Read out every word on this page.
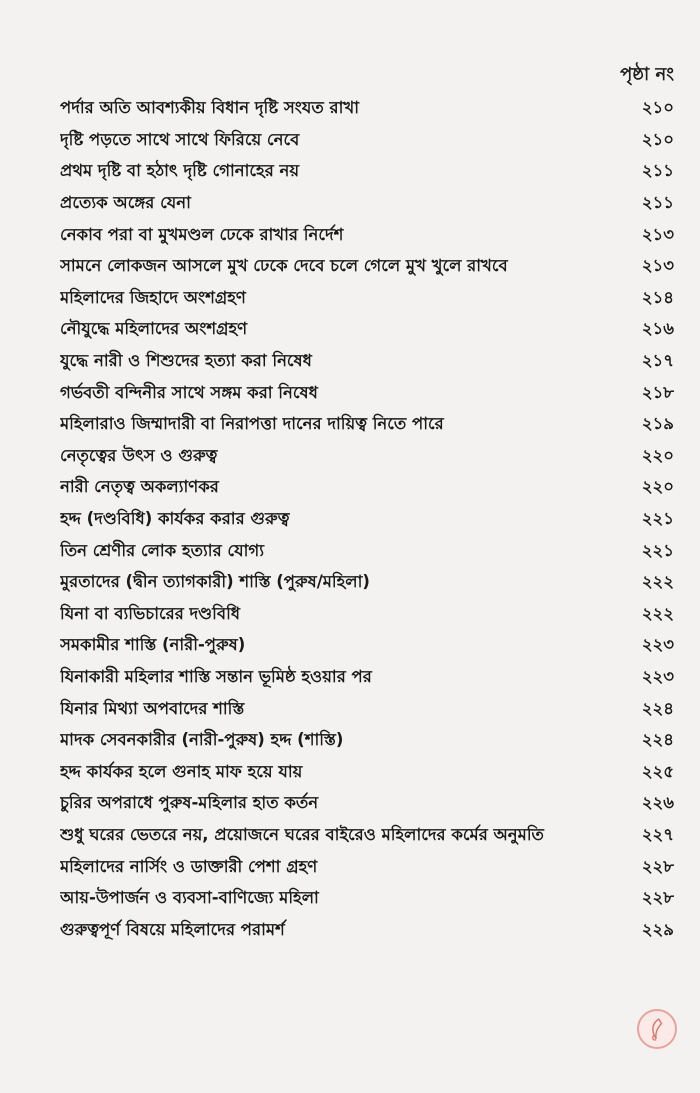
পৃষ্ঠা নং
পর্দার অতি আবশ্যকীয় বিধান দৃষ্টি সংযত রাখা	২১০
দৃষ্টি পড়তে সাথে সাথে ফিরিয়ে নেবে	২১০
প্রথম দৃষ্টি বা হঠাৎ দৃষ্টি গোনাহের নয়	২১১
প্রত্যেক অঙ্গের যেনা	২১১
নেকাব পরা বা মুখমণ্ডল ঢেকে রাখার নির্দেশ	২১৩
সামনে লোকজন আসলে মুখ ঢেকে দেবে চলে গেলে মুখ খুলে রাখবে	২১৩
মহিলাদের জিহাদে অংশগ্রহণ	২১৪
নৌযুদ্ধে মহিলাদের অংশগ্রহণ	২১৬
যুদ্ধে নারী ও শিশুদের হত্যা করা নিষেধ	২১৭
গর্ভবতী বন্দিনীর সাথে সঙ্গম করা নিষেধ	২১৮
মহিলারাও জিম্মাদারী বা নিরাপত্তা দানের দায়িত্ব নিতে পারে	২১৯
নেতৃত্বের উৎস ও গুরুত্ব	২২০
নারী নেতৃত্ব অকল্যাণকর	২২০
হদ্দ (দণ্ডবিধি) কার্যকর করার গুরুত্ব	২২১
তিন শ্রেণীর লোক হত্যার যোগ্য	২২১
মুরতাদের (দ্বীন ত্যাগকারী) শাস্তি (পুরুষ/মহিলা)	২২২
যিনা বা ব্যভিচারের দণ্ডবিধি	২২২
সমকামীর শাস্তি (নারী-পুরুষ)	২২৩
যিনাকারী মহিলার শাস্তি সন্তান ভূমিষ্ঠ হওয়ার পর	২২৩
যিনার মিথ্যা অপবাদের শাস্তি	২২৪
মাদক সেবনকারীর (নারী-পুরুষ) হদ্দ (শাস্তি)	২২৪
হদ্দ কার্যকর হলে গুনাহ মাফ হয়ে যায়	২২৫
চুরির অপরাধে পুরুষ-মহিলার হাত কর্তন	২২৬
শুধু ঘরের ভেতরে নয়, প্রয়োজনে ঘরের বাইরেও মহিলাদের কর্মের অনুমতি	২২৭
মহিলাদের নার্সিং ও ডাক্তারী পেশা গ্রহণ	২২৮
আয়-উপার্জন ও ব্যবসা-বাণিজ্যে মহিলা	২২৮
গুরুত্বপূর্ণ বিষয়ে মহিলাদের পরামর্শ	২২৯
